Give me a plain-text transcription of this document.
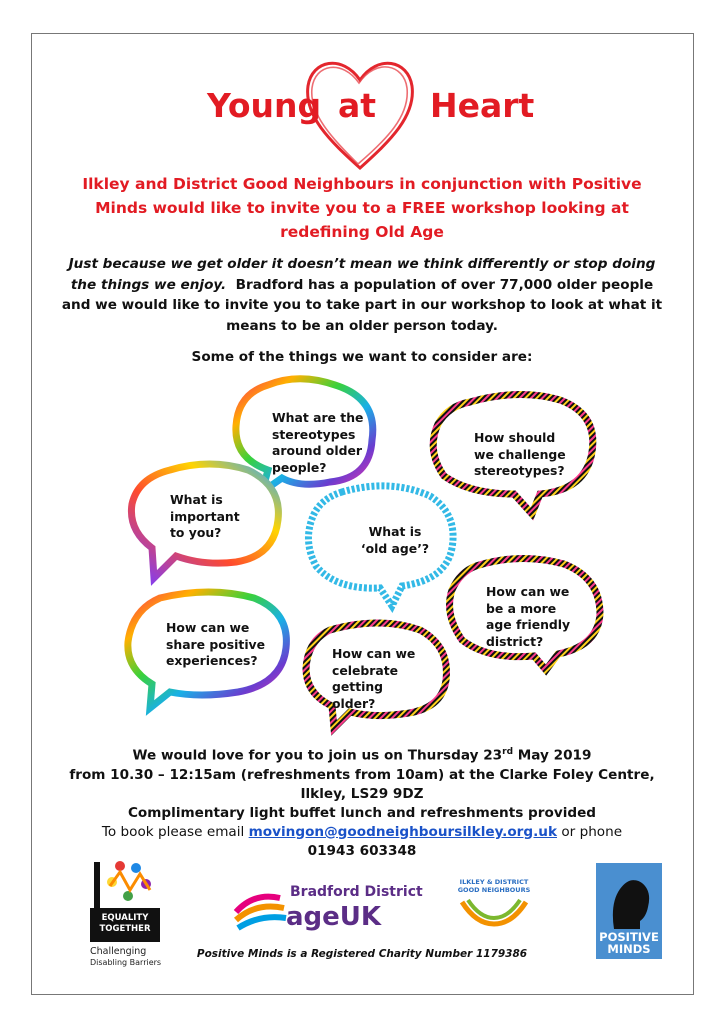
Young at Heart
Ilkley and District Good Neighbours in conjunction with Positive Minds would like to invite you to a FREE workshop looking at redefining Old Age
Just because we get older it doesn’t mean we think differently or stop doing the things we enjoy. Bradford has a population of over 77,000 older people and we would like to invite you to take part in our workshop to look at what it means to be an older person today.
Some of the things we want to consider are:
What are the stereotypes around older people?
How should we challenge stereotypes?
What is important to you?	What is ‘old age’?
How can we be a more age friendly district?
How can we share positive experiences?	How can we celebrate getting older?
We would love for you to join us on Thursday 23rd May 2019
from 10.30 – 12:15am (refreshments from 10am) at the Clarke Foley Centre,
Ilkley, LS29 9DZ
Complimentary light buffet lunch and refreshments provided
To book please email movingon@goodneighboursilkley.org.uk or phone
01943 603348
EQUALITY TOGETHER
Challenging
Disabling Barriers
Bradford District
ageUK
ILKLEY & DISTRICT GOOD NEIGHBOURS
POSITIVE MINDS
Positive Minds is a Registered Charity Number 1179386
